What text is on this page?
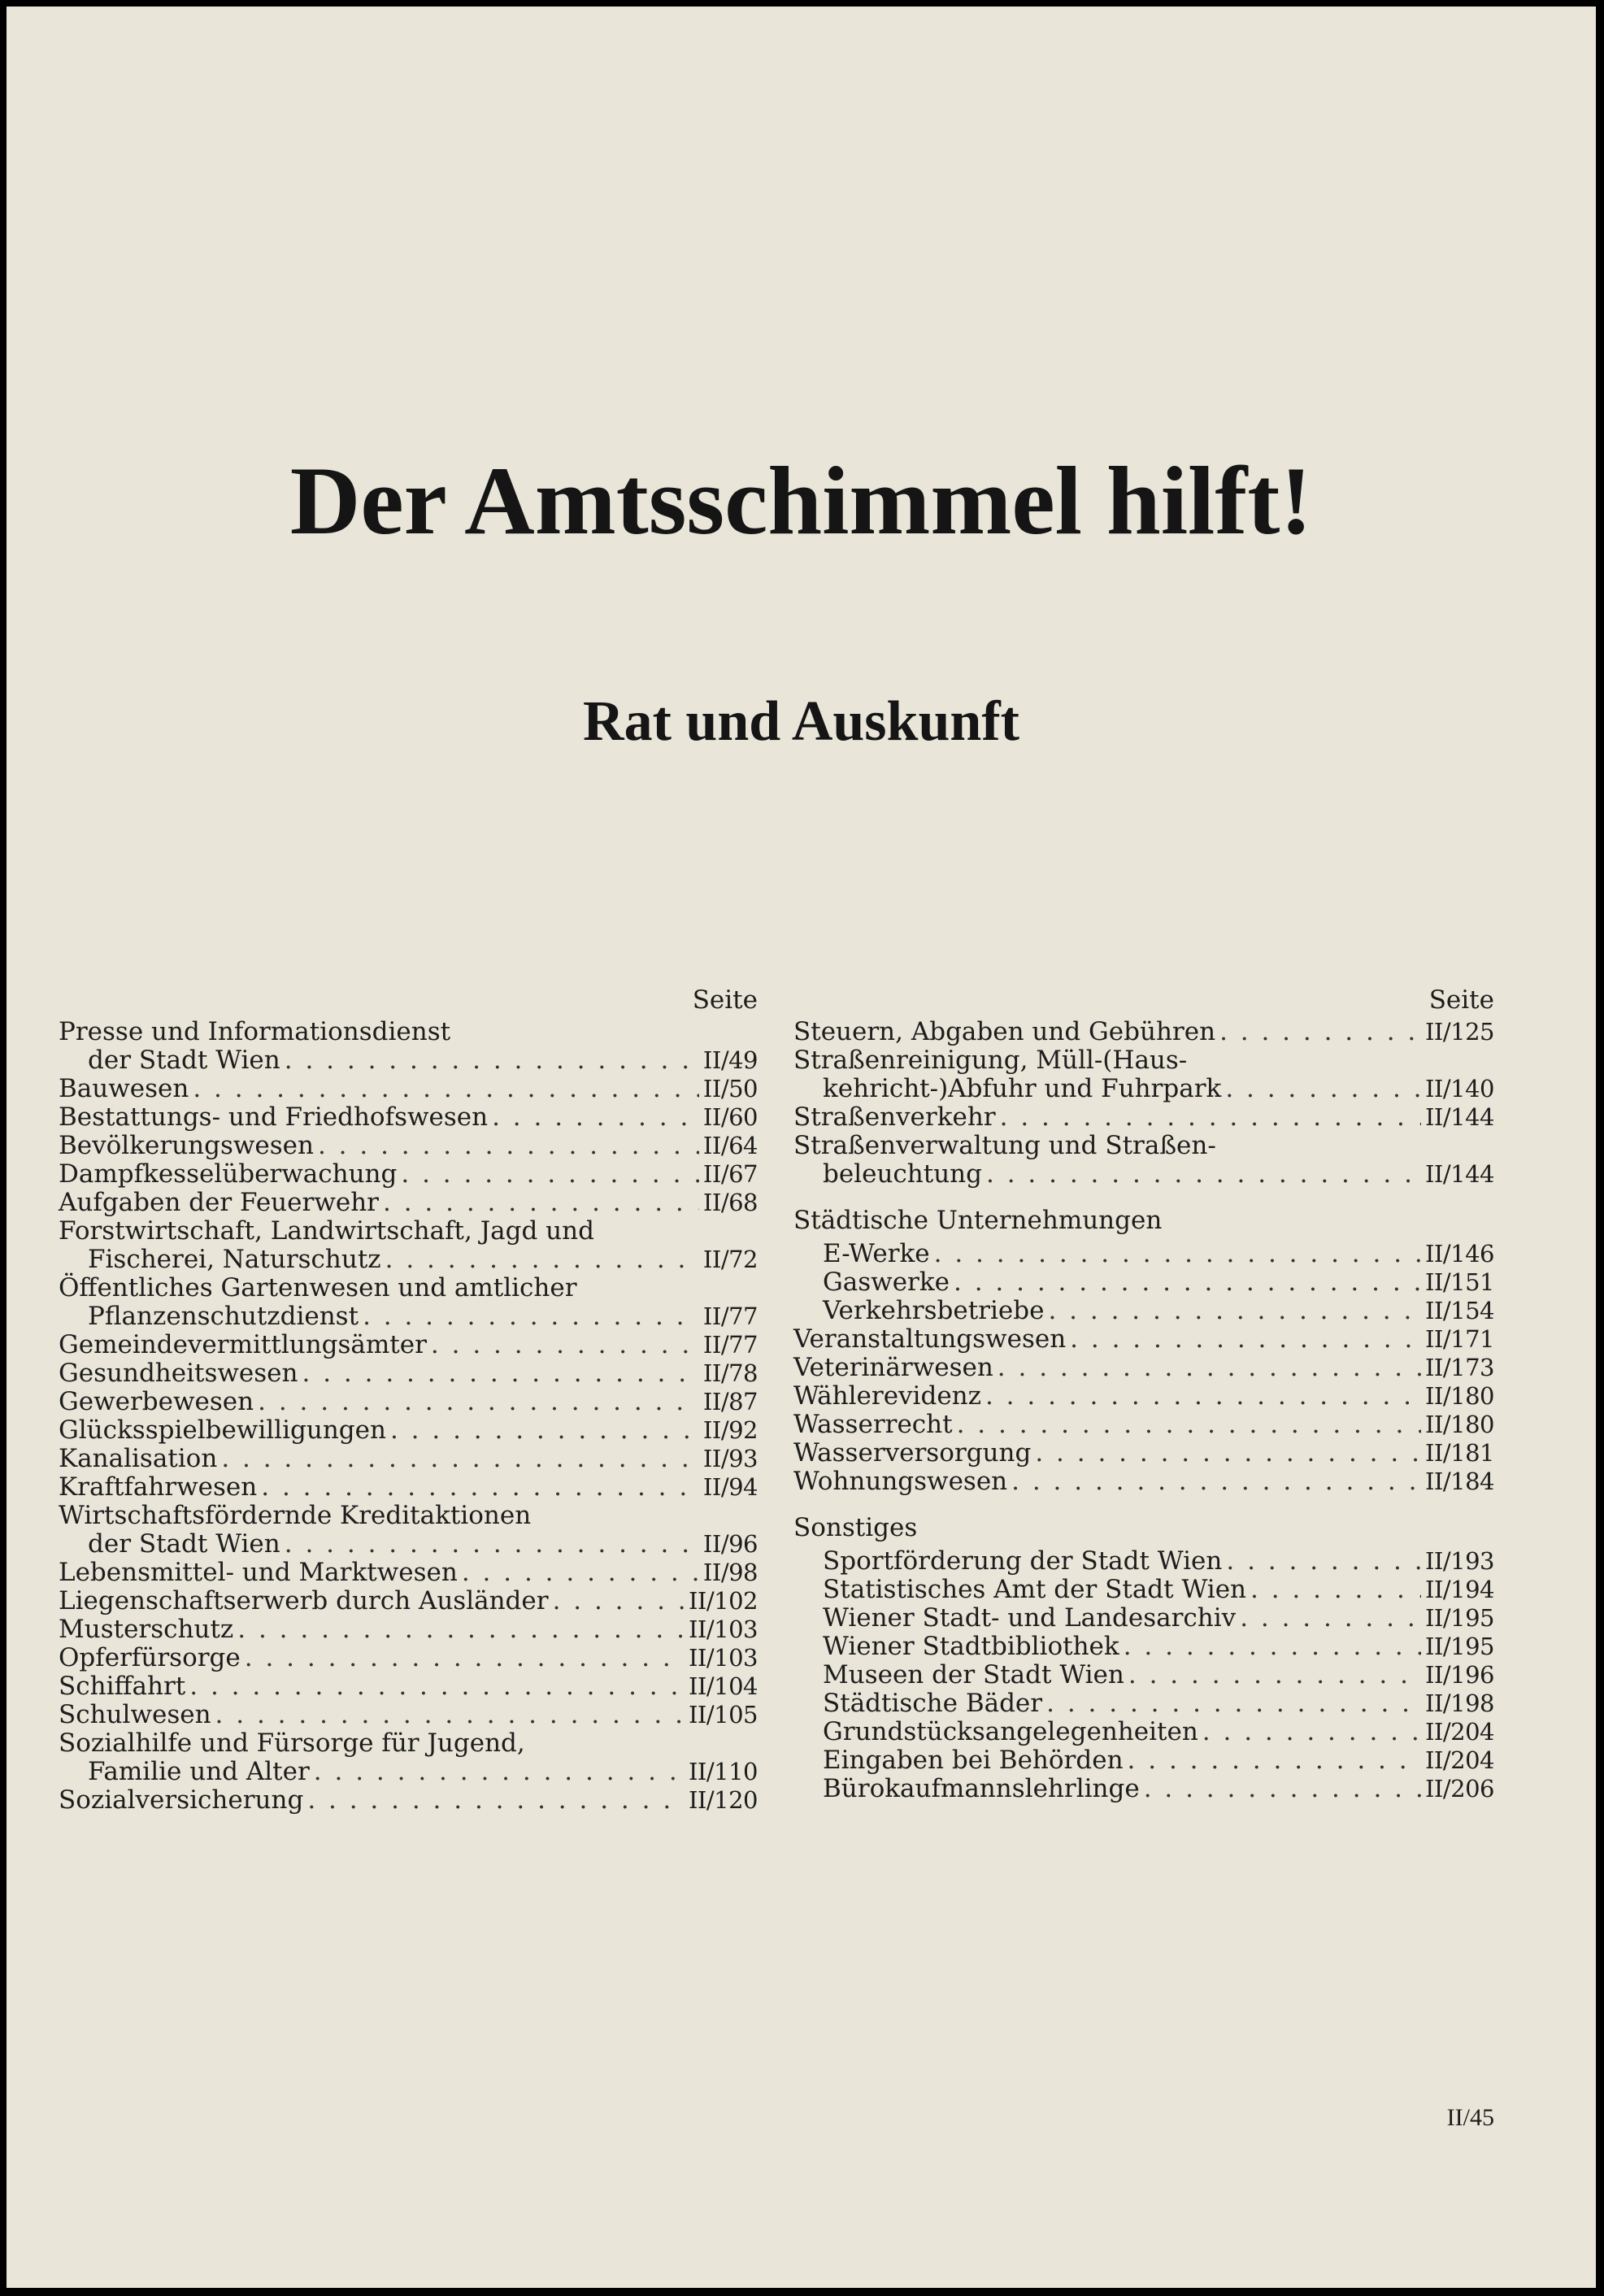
Der Amtsschimmel hilft!
Rat und Auskunft
Seite
Presse und Informationsdienst
der Stadt Wien . . .	II/49
Bauwesen . . .	II/50
Bestattungs- und Friedhofswesen . . .	II/60
Bevölkerungswesen . . .	II/64
Dampfkesselüberwachung . . .	II/67
Aufgaben der Feuerwehr . . .	II/68
Forstwirtschaft, Landwirtschaft, Jagd und
Fischerei, Naturschutz . . .	II/72
Öffentliches Gartenwesen und amtlicher
Pflanzenschutzdienst . . .	II/77
Gemeindevermittlungsämter . . .	II/77
Gesundheitswesen . . .	II/78
Gewerbewesen . . .	II/87
Glücksspielbewilligungen . . .	II/92
Kanalisation . . .	II/93
Kraftfahrwesen . . .	II/94
Wirtschaftsfördernde Kreditaktionen
der Stadt Wien . . .	II/96
Lebensmittel- und Marktwesen . . .	II/98
Liegenschaftserwerb durch Ausländer . . .	II/102
Musterschutz . . .	II/103
Opferfürsorge . . .	II/103
Schiffahrt . . .	II/104
Schulwesen . . .	II/105
Sozialhilfe und Fürsorge für Jugend,
Familie und Alter . . .	II/110
Sozialversicherung . . .	II/120
Seite
Steuern, Abgaben und Gebühren . . .	II/125
Straßenreinigung, Müll-(Haus-
kehricht-)Abfuhr und Fuhrpark . . .	II/140
Straßenverkehr . . .	II/144
Straßenverwaltung und Straßen-
beleuchtung . . .	II/144
Städtische Unternehmungen
E-Werke . . .	II/146
Gaswerke . . .	II/151
Verkehrsbetriebe . . .	II/154
Veranstaltungswesen . . .	II/171
Veterinärwesen . . .	II/173
Wählerevidenz . . .	II/180
Wasserrecht . . .	II/180
Wasserversorgung . . .	II/181
Wohnungswesen . . .	II/184
Sonstiges
Sportförderung der Stadt Wien . . .	II/193
Statistisches Amt der Stadt Wien . . .	II/194
Wiener Stadt- und Landesarchiv . . .	II/195
Wiener Stadtbibliothek . . .	II/195
Museen der Stadt Wien . . .	II/196
Städtische Bäder . . .	II/198
Grundstücksangelegenheiten . . .	II/204
Eingaben bei Behörden . . .	II/204
Bürokaufmannslehrlinge . . .	II/206
II/45
